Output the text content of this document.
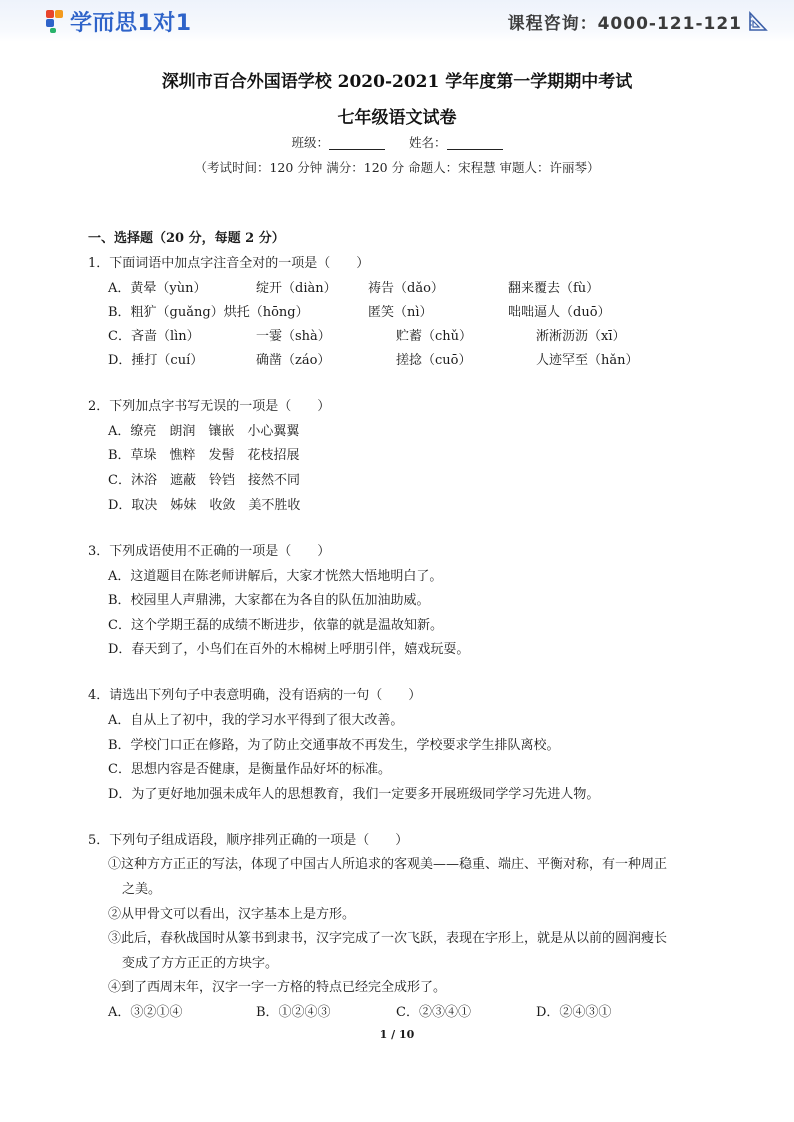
学而思1对1	课程咨询：4000-121-121
深圳市百合外国语学校 2020-2021 学年度第一学期期中考试
七年级语文试卷
班级：	姓名：
（考试时间：120 分钟 满分：120 分 命题人：宋程慧 审题人：许丽琴）
一、选择题（20 分，每题 2 分）
1．下面词语中加点字注音全对的一项是（　　）
A．黄晕（yùn）	绽开（diàn） 祷告（dǎo）	翻来覆去（fù）
B．粗犷（guǎng）烘托（hōng）	匿笑（nì）	咄咄逼人（duō）
C．吝啬（lìn）	一霎（shà）	贮蓄（chǔ）	淅淅沥沥（xī）
D．捶打（cuí）	确凿（záo）	搓捻（cuō）	人迹罕至（hǎn）
2．下列加点字书写无误的一项是（　　）
A．缭亮　朗润　镶嵌　小心翼翼
B．草垛　憔粹　发髻　花枝招展
C．沐浴　遮蔽　铃铛　接然不同
D．取决　姊妹　收敛　美不胜收
3．下列成语使用不正确的一项是（　　）
A．这道题目在陈老师讲解后，大家才恍然大悟地明白了。
B．校园里人声鼎沸，大家都在为各自的队伍加油助威。
C．这个学期王磊的成绩不断进步，依靠的就是温故知新。
D．春天到了，小鸟们在百外的木棉树上呼朋引伴，嬉戏玩耍。
4．请选出下列句子中表意明确，没有语病的一句（　　）
A．自从上了初中，我的学习水平得到了很大改善。
B．学校门口正在修路，为了防止交通事故不再发生，学校要求学生排队离校。
C．思想内容是否健康，是衡量作品好坏的标准。
D．为了更好地加强未成年人的思想教育，我们一定要多开展班级同学学习先进人物。
5．下列句子组成语段，顺序排列正确的一项是（　　）
①这种方方正正的写法，体现了中国古人所追求的客观美——稳重、端庄、平衡对称，有一种周正
之美。
②从甲骨文可以看出，汉字基本上是方形。
③此后，春秋战国时从篆书到隶书，汉字完成了一次飞跃，表现在字形上，就是从以前的圆润瘦长
变成了方方正正的方块字。
④到了西周末年，汉字一字一方格的特点已经完全成形了。
A．③②①④	B．①②④③	C．②③④①	D．②④③①
1 / 10
